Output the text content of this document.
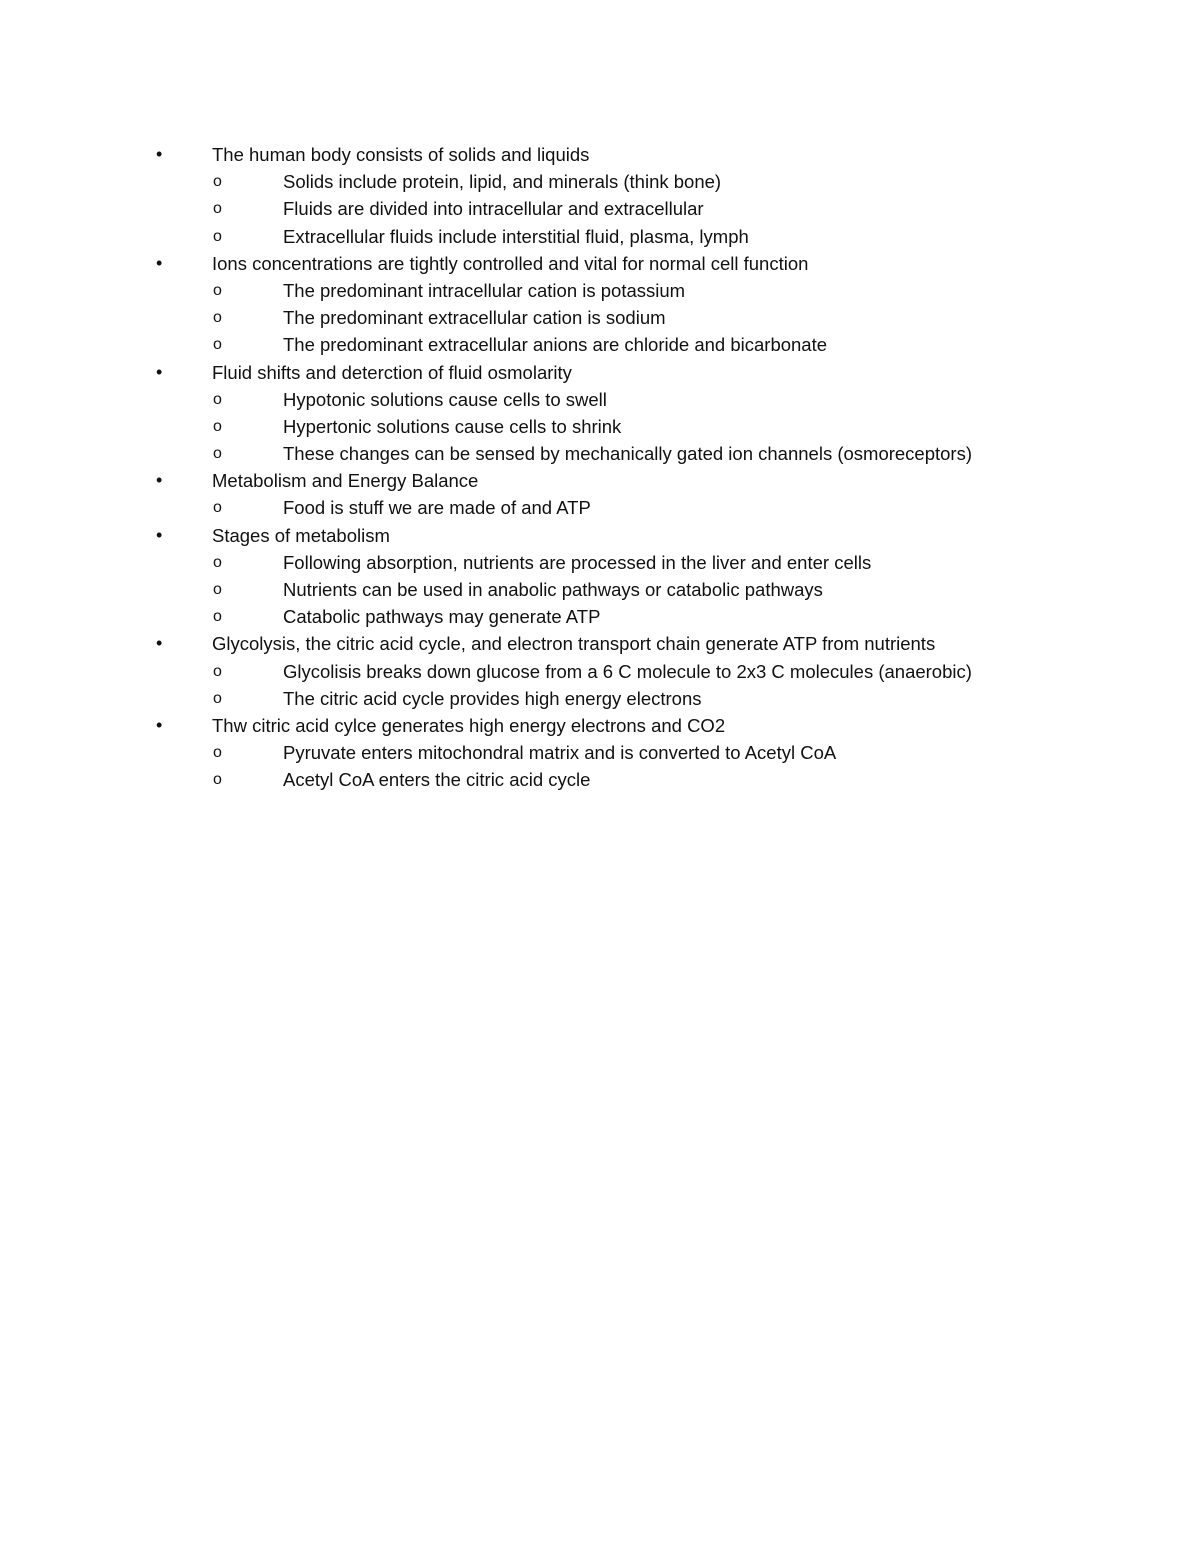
•	The human body consists of solids and liquids
o	Solids include protein, lipid, and minerals (think bone)
o	Fluids are divided into intracellular and extracellular
o	Extracellular fluids include interstitial fluid, plasma, lymph
•	Ions concentrations are tightly controlled and vital for normal cell function
o	The predominant intracellular cation is potassium
o	The predominant extracellular cation is sodium
o	The predominant extracellular anions are chloride and bicarbonate
•	Fluid shifts and deterction of fluid osmolarity
o	Hypotonic solutions cause cells to swell
o	Hypertonic solutions cause cells to shrink
o	These changes can be sensed by mechanically gated ion channels (osmoreceptors)
•	Metabolism and Energy Balance
o	Food is stuff we are made of and ATP
•	Stages of metabolism
o	Following absorption, nutrients are processed in the liver and enter cells
o	Nutrients can be used in anabolic pathways or catabolic pathways
o	Catabolic pathways may generate ATP
•	Glycolysis, the citric acid cycle, and electron transport chain generate ATP from nutrients
o	Glycolisis breaks down glucose from a 6 C molecule to 2x3 C molecules (anaerobic)
o	The citric acid cycle provides high energy electrons
•	Thw citric acid cylce generates high energy electrons and CO2
o	Pyruvate enters mitochondral matrix and is converted to Acetyl CoA
o	Acetyl CoA enters the citric acid cycle
